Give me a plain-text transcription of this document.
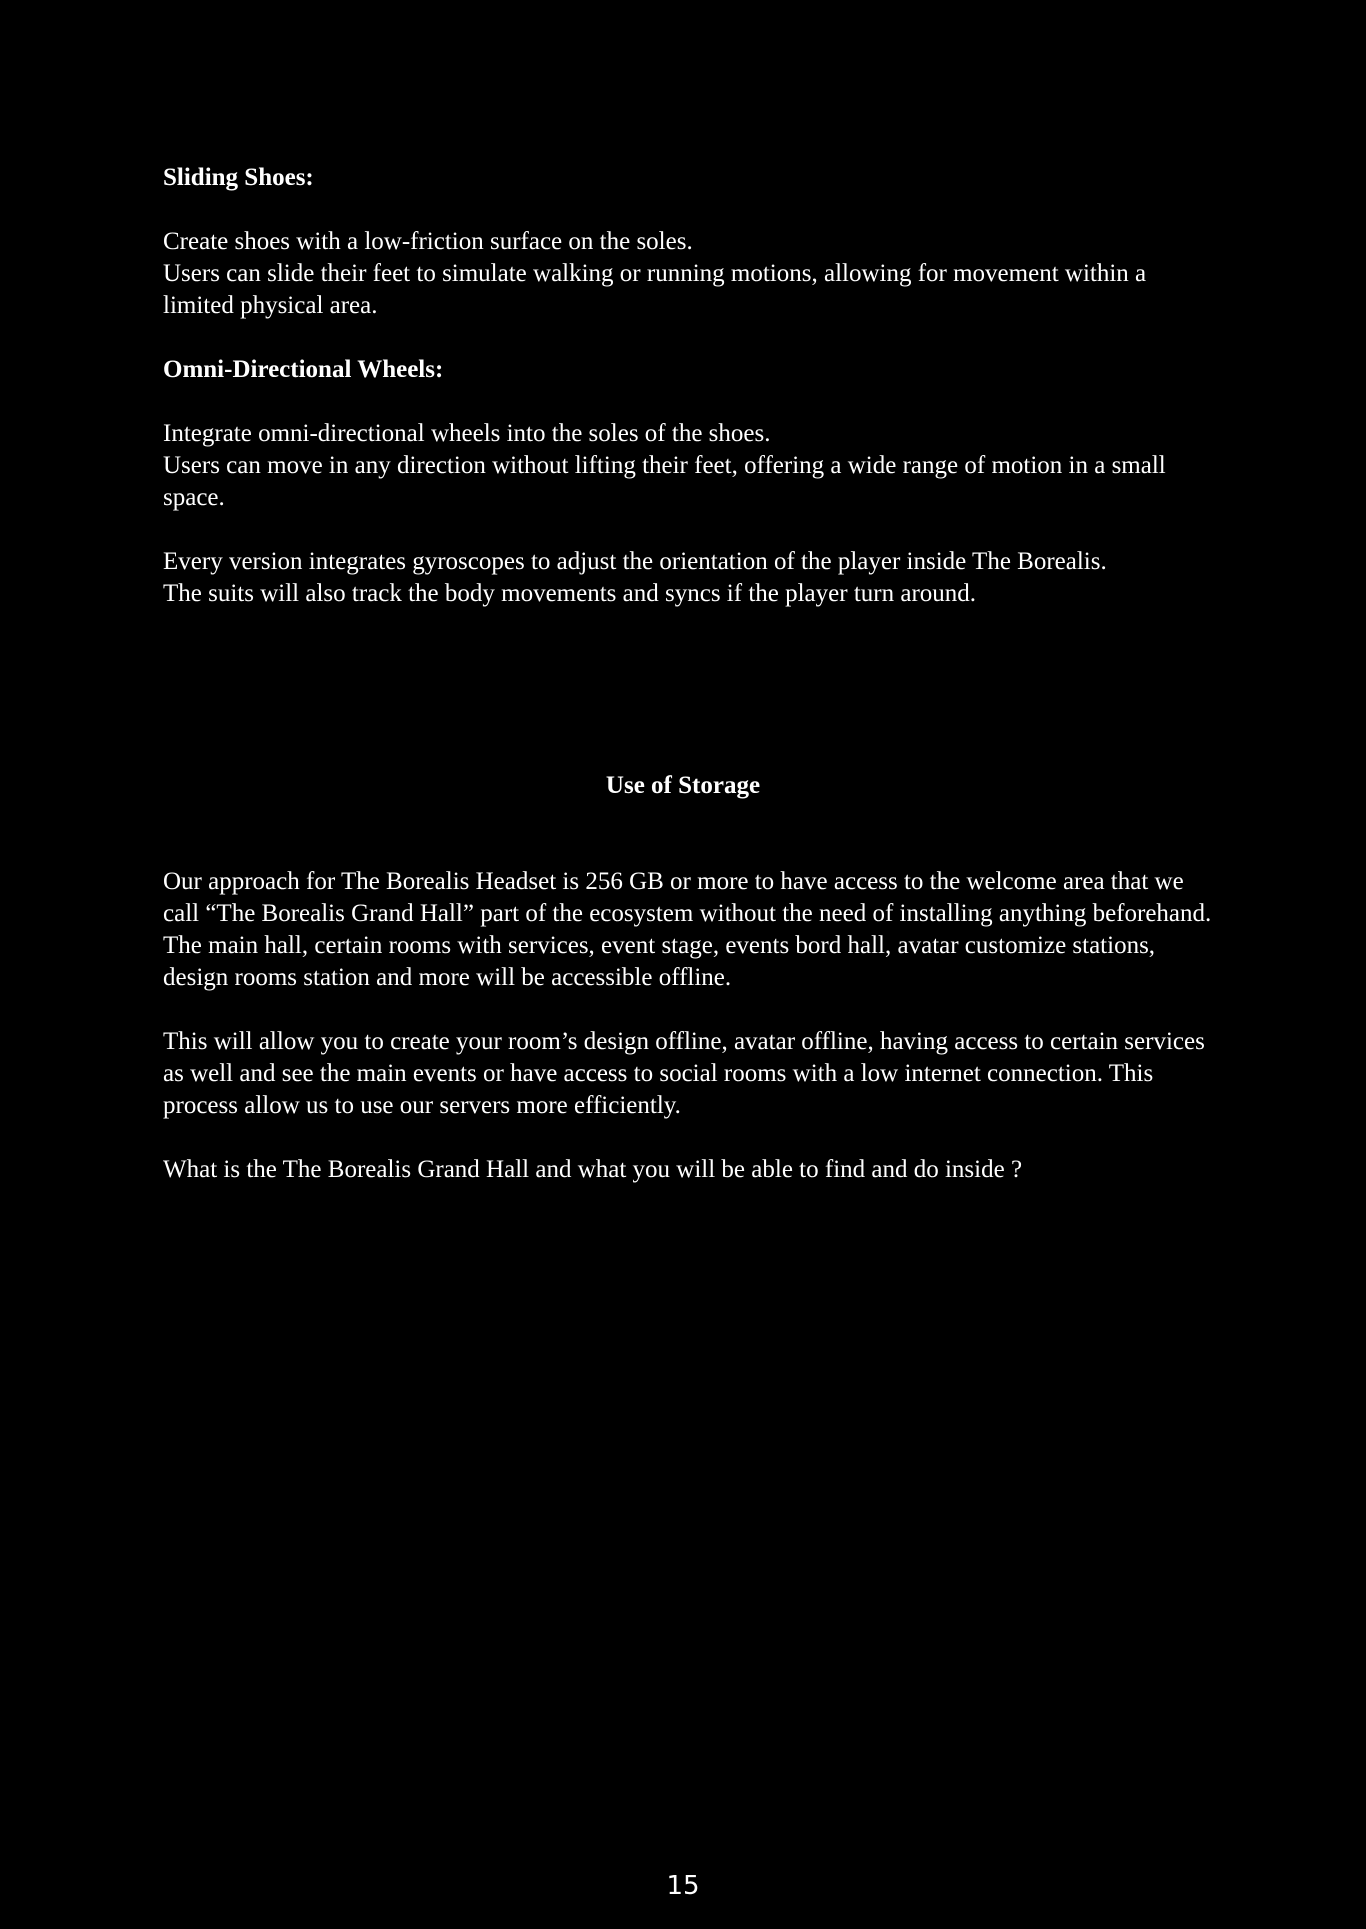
Sliding Shoes:

Create shoes with a low-friction surface on the soles.

Users can slide their feet to simulate walking or running motions, allowing for movement within a limited physical area.

Omni-Directional Wheels:

Integrate omni-directional wheels into the soles of the shoes.

Users can move in any direction without lifting their feet, offering a wide range of motion in a small space.

Every version integrates gyroscopes to adjust the orientation of the player inside The Borealis.

The suits will also track the body movements and syncs if the player turn around.

Use of Storage

Our approach for The Borealis Headset is 256 GB or more to have access to the welcome area that we call “The Borealis Grand Hall” part of the ecosystem without the need of installing anything beforehand. The main hall, certain rooms with services, event stage, events bord hall, avatar customize stations, design rooms station and more will be accessible offline.

This will allow you to create your room’s design offline, avatar offline, having access to certain services as well and see the main events or have access to social rooms with a low internet connection. This process allow us to use our servers more efficiently.

What is the The Borealis Grand Hall and what you will be able to find and do inside ?

15
